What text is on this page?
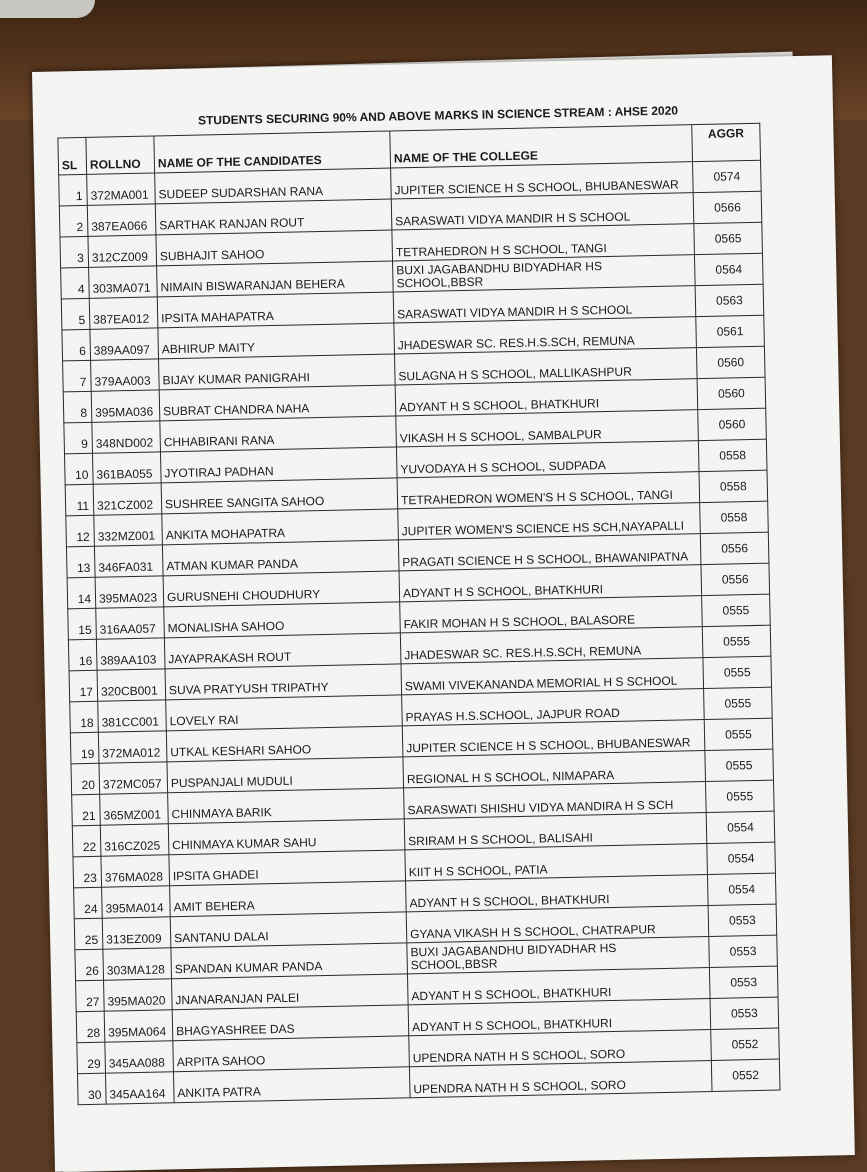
STUDENTS SECURING 90% AND ABOVE MARKS IN SCIENCE STREAM : AHSE 2020
SL	ROLLNO	NAME OF THE CANDIDATES	NAME OF THE COLLEGE	AGGR
1	372MA001	SUDEEP SUDARSHAN RANA	JUPITER SCIENCE H S SCHOOL, BHUBANESWAR	0574
2	387EA066	SARTHAK RANJAN ROUT	SARASWATI VIDYA MANDIR H S SCHOOL	0566
3	312CZ009	SUBHAJIT SAHOO	TETRAHEDRON H S SCHOOL, TANGI	0565
4	303MA071	NIMAIN BISWARANJAN BEHERA	BUXI JAGABANDHU BIDYADHAR HS SCHOOL,BBSR	0564
5	387EA012	IPSITA MAHAPATRA	SARASWATI VIDYA MANDIR H S SCHOOL	0563
6	389AA097	ABHIRUP MAITY	JHADESWAR SC. RES.H.S.SCH, REMUNA	0561
7	379AA003	BIJAY KUMAR PANIGRAHI	SULAGNA H S SCHOOL, MALLIKASHPUR	0560
8	395MA036	SUBRAT CHANDRA NAHA	ADYANT H S SCHOOL, BHATKHURI	0560
9	348ND002	CHHABIRANI RANA	VIKASH H S SCHOOL, SAMBALPUR	0560
10	361BA055	JYOTIRAJ PADHAN	YUVODAYA H S SCHOOL, SUDPADA	0558
11	321CZ002	SUSHREE SANGITA SAHOO	TETRAHEDRON WOMEN'S H S SCHOOL, TANGI	0558
12	332MZ001	ANKITA MOHAPATRA	JUPITER WOMEN'S SCIENCE HS SCH,NAYAPALLI	0558
13	346FA031	ATMAN KUMAR PANDA	PRAGATI SCIENCE H S SCHOOL, BHAWANIPATNA	0556
14	395MA023	GURUSNEHI CHOUDHURY	ADYANT H S SCHOOL, BHATKHURI	0556
15	316AA057	MONALISHA SAHOO	FAKIR MOHAN H S SCHOOL, BALASORE	0555
16	389AA103	JAYAPRAKASH ROUT	JHADESWAR SC. RES.H.S.SCH, REMUNA	0555
17	320CB001	SUVA PRATYUSH TRIPATHY	SWAMI VIVEKANANDA MEMORIAL H S SCHOOL	0555
18	381CC001	LOVELY RAI	PRAYAS H.S.SCHOOL, JAJPUR ROAD	0555
19	372MA012	UTKAL KESHARI SAHOO	JUPITER SCIENCE H S SCHOOL, BHUBANESWAR	0555
20	372MC057	PUSPANJALI MUDULI	REGIONAL H S SCHOOL, NIMAPARA	0555
21	365MZ001	CHINMAYA BARIK	SARASWATI SHISHU VIDYA MANDIRA H S SCH	0555
22	316CZ025	CHINMAYA KUMAR SAHU	SRIRAM H S SCHOOL, BALISAHI	0554
23	376MA028	IPSITA GHADEI	KIIT H S SCHOOL, PATIA	0554
24	395MA014	AMIT BEHERA	ADYANT H S SCHOOL, BHATKHURI	0554
25	313EZ009	SANTANU DALAI	GYANA VIKASH H S SCHOOL, CHATRAPUR	0553
26	303MA128	SPANDAN KUMAR PANDA	BUXI JAGABANDHU BIDYADHAR HS SCHOOL,BBSR	0553
27	395MA020	JNANARANJAN PALEI	ADYANT H S SCHOOL, BHATKHURI	0553
28	395MA064	BHAGYASHREE DAS	ADYANT H S SCHOOL, BHATKHURI	0553
29	345AA088	ARPITA SAHOO	UPENDRA NATH H S SCHOOL, SORO	0552
30	345AA164	ANKITA PATRA	UPENDRA NATH H S SCHOOL, SORO	0552
